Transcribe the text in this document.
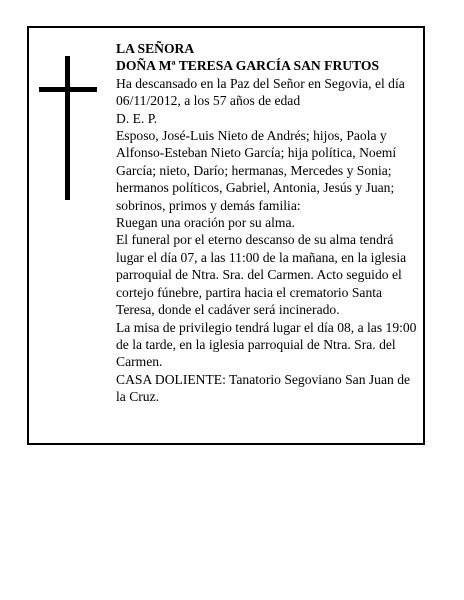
LA SEÑORA

DOÑA Mª TERESA GARCÍA SAN FRUTOS

Ha descansado en la Paz del Señor en Segovia, el día 06/11/2012, a los 57 años de edad

D. E. P.

Esposo, José-Luis Nieto de Andrés; hijos, Paola y Alfonso-Esteban Nieto García; hija política, Noemí García; nieto, Darío; hermanas, Mercedes y Sonia; hermanos políticos, Gabriel, Antonia, Jesús y Juan; sobrinos, primos y demás familia:

Ruegan una oración por su alma.

El funeral por el eterno descanso de su alma tendrá lugar el día 07, a las 11:00 de la mañana, en la iglesia parroquial de Ntra. Sra. del Carmen. Acto seguido el cortejo fúnebre, partira hacia el crematorio Santa Teresa, donde el cadáver será incinerado.

La misa de privilegio tendrá lugar el día 08, a las 19:00 de la tarde, en la iglesia parroquial de Ntra. Sra. del Carmen.

CASA DOLIENTE: Tanatorio Segoviano San Juan de la Cruz.
